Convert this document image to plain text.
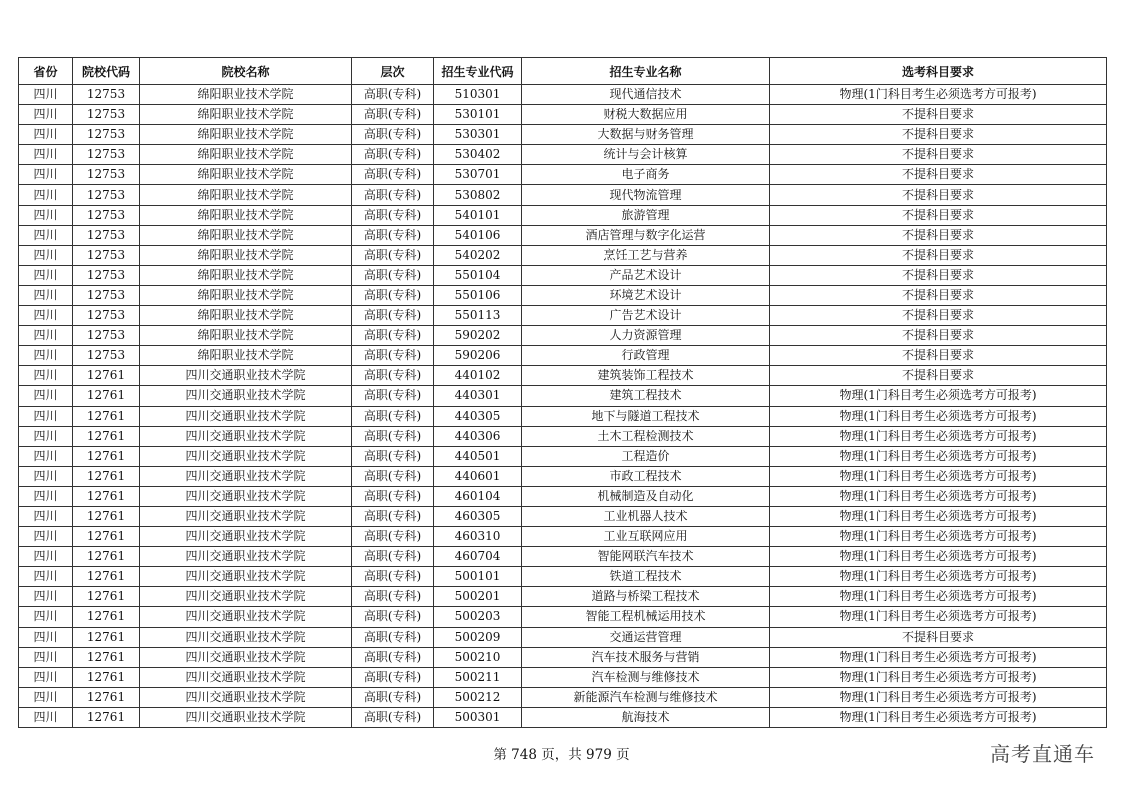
省份	院校代码	院校名称	层次	招生专业代码	招生专业名称	选考科目要求
四川	12753	绵阳职业技术学院	高职(专科)	510301	现代通信技术	物理(1门科目考生必须选考方可报考)
四川	12753	绵阳职业技术学院	高职(专科)	530101	财税大数据应用	不提科目要求
四川	12753	绵阳职业技术学院	高职(专科)	530301	大数据与财务管理	不提科目要求
四川	12753	绵阳职业技术学院	高职(专科)	530402	统计与会计核算	不提科目要求
四川	12753	绵阳职业技术学院	高职(专科)	530701	电子商务	不提科目要求
四川	12753	绵阳职业技术学院	高职(专科)	530802	现代物流管理	不提科目要求
四川	12753	绵阳职业技术学院	高职(专科)	540101	旅游管理	不提科目要求
四川	12753	绵阳职业技术学院	高职(专科)	540106	酒店管理与数字化运营	不提科目要求
四川	12753	绵阳职业技术学院	高职(专科)	540202	烹饪工艺与营养	不提科目要求
四川	12753	绵阳职业技术学院	高职(专科)	550104	产品艺术设计	不提科目要求
四川	12753	绵阳职业技术学院	高职(专科)	550106	环境艺术设计	不提科目要求
四川	12753	绵阳职业技术学院	高职(专科)	550113	广告艺术设计	不提科目要求
四川	12753	绵阳职业技术学院	高职(专科)	590202	人力资源管理	不提科目要求
四川	12753	绵阳职业技术学院	高职(专科)	590206	行政管理	不提科目要求
四川	12761	四川交通职业技术学院	高职(专科)	440102	建筑装饰工程技术	不提科目要求
四川	12761	四川交通职业技术学院	高职(专科)	440301	建筑工程技术	物理(1门科目考生必须选考方可报考)
四川	12761	四川交通职业技术学院	高职(专科)	440305	地下与隧道工程技术	物理(1门科目考生必须选考方可报考)
四川	12761	四川交通职业技术学院	高职(专科)	440306	土木工程检测技术	物理(1门科目考生必须选考方可报考)
四川	12761	四川交通职业技术学院	高职(专科)	440501	工程造价	物理(1门科目考生必须选考方可报考)
四川	12761	四川交通职业技术学院	高职(专科)	440601	市政工程技术	物理(1门科目考生必须选考方可报考)
四川	12761	四川交通职业技术学院	高职(专科)	460104	机械制造及自动化	物理(1门科目考生必须选考方可报考)
四川	12761	四川交通职业技术学院	高职(专科)	460305	工业机器人技术	物理(1门科目考生必须选考方可报考)
四川	12761	四川交通职业技术学院	高职(专科)	460310	工业互联网应用	物理(1门科目考生必须选考方可报考)
四川	12761	四川交通职业技术学院	高职(专科)	460704	智能网联汽车技术	物理(1门科目考生必须选考方可报考)
四川	12761	四川交通职业技术学院	高职(专科)	500101	铁道工程技术	物理(1门科目考生必须选考方可报考)
四川	12761	四川交通职业技术学院	高职(专科)	500201	道路与桥梁工程技术	物理(1门科目考生必须选考方可报考)
四川	12761	四川交通职业技术学院	高职(专科)	500203	智能工程机械运用技术	物理(1门科目考生必须选考方可报考)
四川	12761	四川交通职业技术学院	高职(专科)	500209	交通运营管理	不提科目要求
四川	12761	四川交通职业技术学院	高职(专科)	500210	汽车技术服务与营销	物理(1门科目考生必须选考方可报考)
四川	12761	四川交通职业技术学院	高职(专科)	500211	汽车检测与维修技术	物理(1门科目考生必须选考方可报考)
四川	12761	四川交通职业技术学院	高职(专科)	500212	新能源汽车检测与维修技术	物理(1门科目考生必须选考方可报考)
四川	12761	四川交通职业技术学院	高职(专科)	500301	航海技术	物理(1门科目考生必须选考方可报考)
第 748 页，共 979 页	高考直通车
